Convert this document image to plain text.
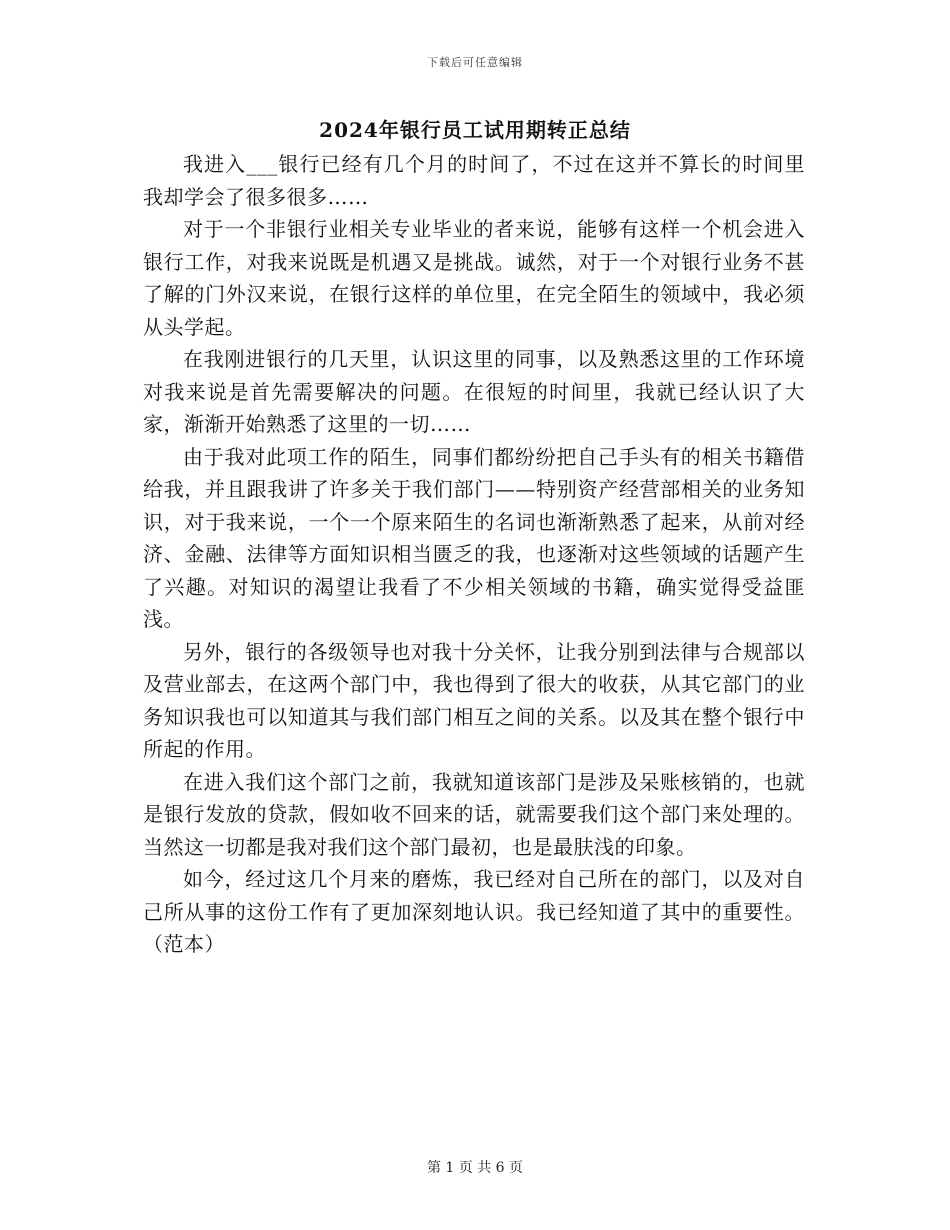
下载后可任意编辑
2024年银行员工试用期转正总结

我进入___银行已经有几个月的时间了，不过在这并不算长的时间里我却学会了很多很多……

对于一个非银行业相关专业毕业的者来说，能够有这样一个机会进入银行工作，对我来说既是机遇又是挑战。诚然，对于一个对银行业务不甚了解的门外汉来说，在银行这样的单位里，在完全陌生的领域中，我必须从头学起。

在我刚进银行的几天里，认识这里的同事，以及熟悉这里的工作环境对我来说是首先需要解决的问题。在很短的时间里，我就已经认识了大家，渐渐开始熟悉了这里的一切……

由于我对此项工作的陌生，同事们都纷纷把自己手头有的相关书籍借给我，并且跟我讲了许多关于我们部门——特别资产经营部相关的业务知识，对于我来说，一个一个原来陌生的名词也渐渐熟悉了起来，从前对经济、金融、法律等方面知识相当匮乏的我，也逐渐对这些领域的话题产生了兴趣。对知识的渴望让我看了不少相关领域的书籍，确实觉得受益匪浅。

另外，银行的各级领导也对我十分关怀，让我分别到法律与合规部以及营业部去，在这两个部门中，我也得到了很大的收获，从其它部门的业务知识我也可以知道其与我们部门相互之间的关系。以及其在整个银行中所起的作用。

在进入我们这个部门之前，我就知道该部门是涉及呆账核销的，也就是银行发放的贷款，假如收不回来的话，就需要我们这个部门来处理的。当然这一切都是我对我们这个部门最初，也是最肤浅的印象。

如今，经过这几个月来的磨炼，我已经对自己所在的部门，以及对自己所从事的这份工作有了更加深刻地认识。我已经知道了其中的重要性。（范本）

第 1 页 共 6 页
